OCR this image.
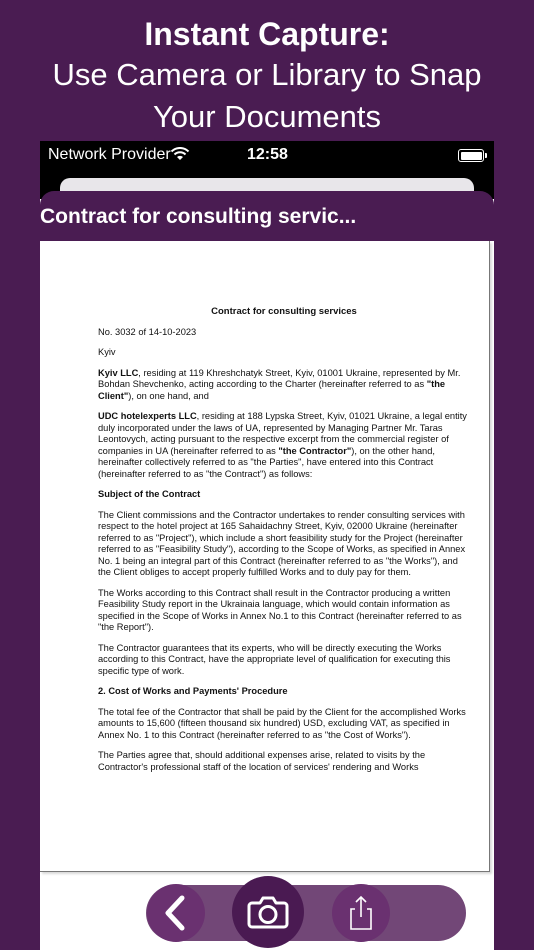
Instant Capture:
Use Camera or Library to Snap
Your Documents
Network Provider	12:58
Contract for consulting servic...
Contract for consulting services

No. 3032 of 14-10-2023

Kyiv

Kyiv LLC, residing at 119 Khreshchatyk Street, Kyiv, 01001 Ukraine, represented by Mr. Bohdan Shevchenko, acting according to the Charter (hereinafter referred to as "the Client"), on one hand, and

UDC hotelexperts LLC, residing at 188 Lypska Street, Kyiv, 01021 Ukraine, a legal entity duly incorporated under the laws of UA, represented by Managing Partner Mr. Taras Leontovych, acting pursuant to the respective excerpt from the commercial register of companies in UA (hereinafter referred to as "the Contractor"), on the other hand, hereinafter collectively referred to as "the Parties", have entered into this Contract (hereinafter referred to as "the Contract") as follows:

Subject of the Contract

The Client commissions and the Contractor undertakes to render consulting services with respect to the hotel project at 165 Sahaidachny Street, Kyiv, 02000 Ukraine (hereinafter referred to as "Project"), which include a short feasibility study for the Project (hereinafter referred to as "Feasibility Study"), according to the Scope of Works, as specified in Annex No. 1 being an integral part of this Contract (hereinafter referred to as "the Works"), and the Client obliges to accept properly fulfilled Works and to duly pay for them.

The Works according to this Contract shall result in the Contractor producing a written Feasibility Study report in the Ukrainaia language, which would contain information as specified in the Scope of Works in Annex No.1 to this Contract (hereinafter referred to as "the Report").

The Contractor guarantees that its experts, who will be directly executing the Works according to this Contract, have the appropriate level of qualification for executing this specific type of work.

2. Cost of Works and Payments' Procedure

The total fee of the Contractor that shall be paid by the Client for the accomplished Works amounts to 15,600 (fifteen thousand six hundred) USD, excluding VAT, as specified in Annex No. 1 to this Contract (hereinafter referred to as "the Cost of Works").

The Parties agree that, should additional expenses arise, related to visits by the Contractor's professional staff of the location of services' rendering and Works
